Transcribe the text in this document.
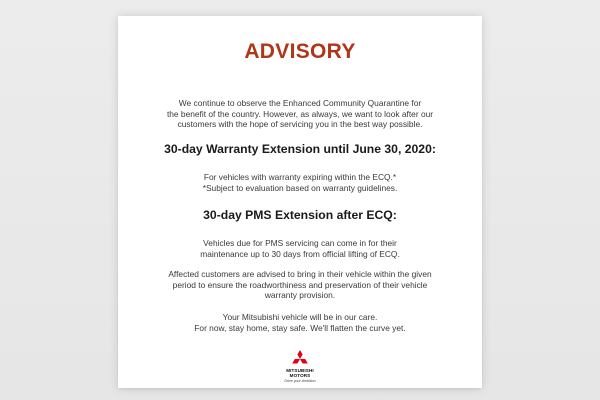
ADVISORY
We continue to observe the Enhanced Community Quarantine for
the benefit of the country. However, as always, we want to look after our
customers with the hope of servicing you in the best way possible.
30-day Warranty Extension until June 30, 2020:
For vehicles with warranty expiring within the ECQ.*
*Subject to evaluation based on warranty guidelines.
30-day PMS Extension after ECQ:
Vehicles due for PMS servicing can come in for their
maintenance up to 30 days from official lifting of ECQ.
Affected customers are advised to bring in their vehicle within the given
period to ensure the roadworthiness and preservation of their vehicle
warranty provision.
Your Mitsubishi vehicle will be in our care.
For now, stay home, stay safe. We'll flatten the curve yet.
MITSUBISHI
MOTORS
Drive your Ambition
